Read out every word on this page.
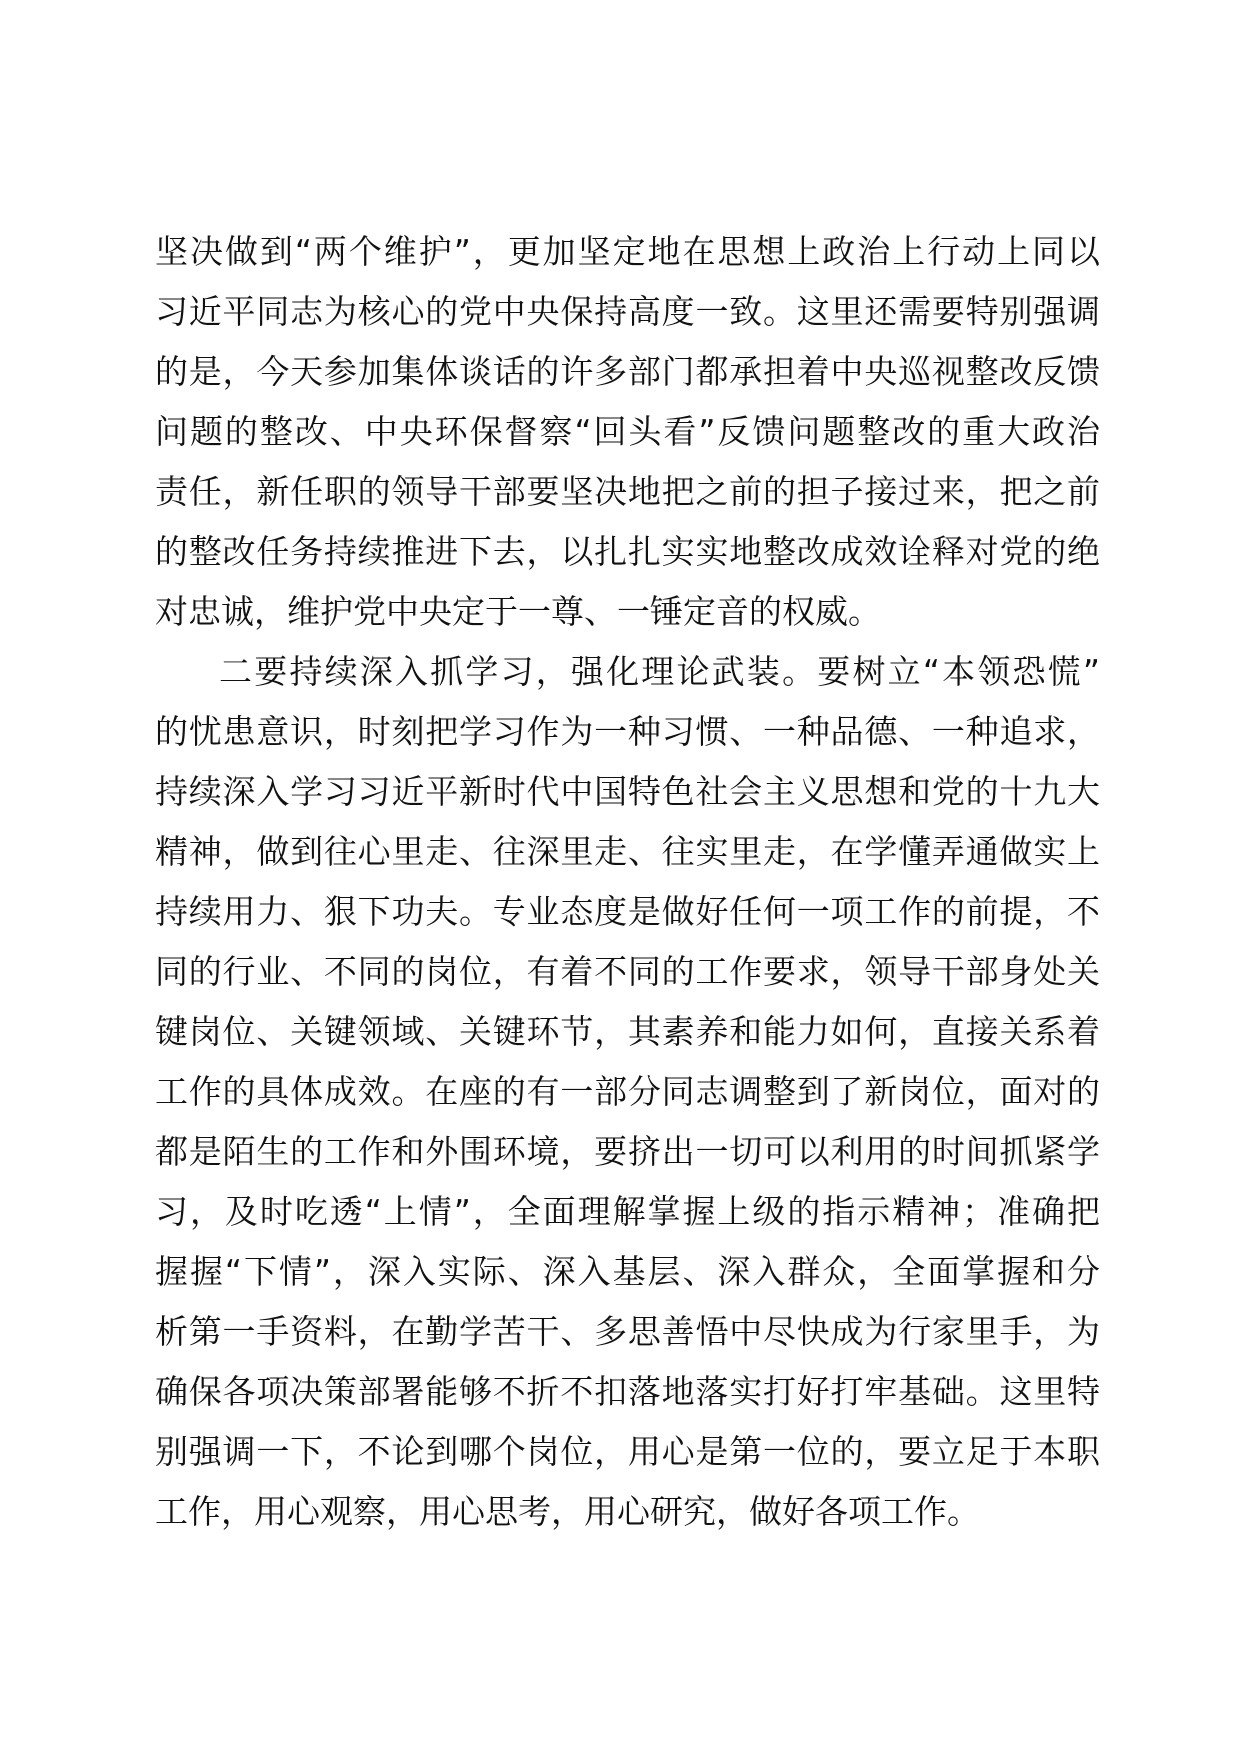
坚决做到“两个维护”，更加坚定地在思想上政治上行动上同以
习近平同志为核心的党中央保持高度一致。这里还需要特别强调
的是，今天参加集体谈话的许多部门都承担着中央巡视整改反馈
问题的整改、中央环保督察“回头看”反馈问题整改的重大政治
责任，新任职的领导干部要坚决地把之前的担子接过来，把之前
的整改任务持续推进下去，以扎扎实实地整改成效诠释对党的绝
对忠诚，维护党中央定于一尊、一锤定音的权威。
二要持续深入抓学习，强化理论武装。要树立“本领恐慌”
的忧患意识，时刻把学习作为一种习惯、一种品德、一种追求，
持续深入学习习近平新时代中国特色社会主义思想和党的十九大
精神，做到往心里走、往深里走、往实里走，在学懂弄通做实上
持续用力、狠下功夫。专业态度是做好任何一项工作的前提，不
同的行业、不同的岗位，有着不同的工作要求，领导干部身处关
键岗位、关键领域、关键环节，其素养和能力如何，直接关系着
工作的具体成效。在座的有一部分同志调整到了新岗位，面对的
都是陌生的工作和外围环境，要挤出一切可以利用的时间抓紧学
习，及时吃透“上情”，全面理解掌握上级的指示精神；准确把
握握“下情”，深入实际、深入基层、深入群众，全面掌握和分
析第一手资料，在勤学苦干、多思善悟中尽快成为行家里手，为
确保各项决策部署能够不折不扣落地落实打好打牢基础。这里特
别强调一下，不论到哪个岗位，用心是第一位的，要立足于本职
工作，用心观察，用心思考，用心研究，做好各项工作。
